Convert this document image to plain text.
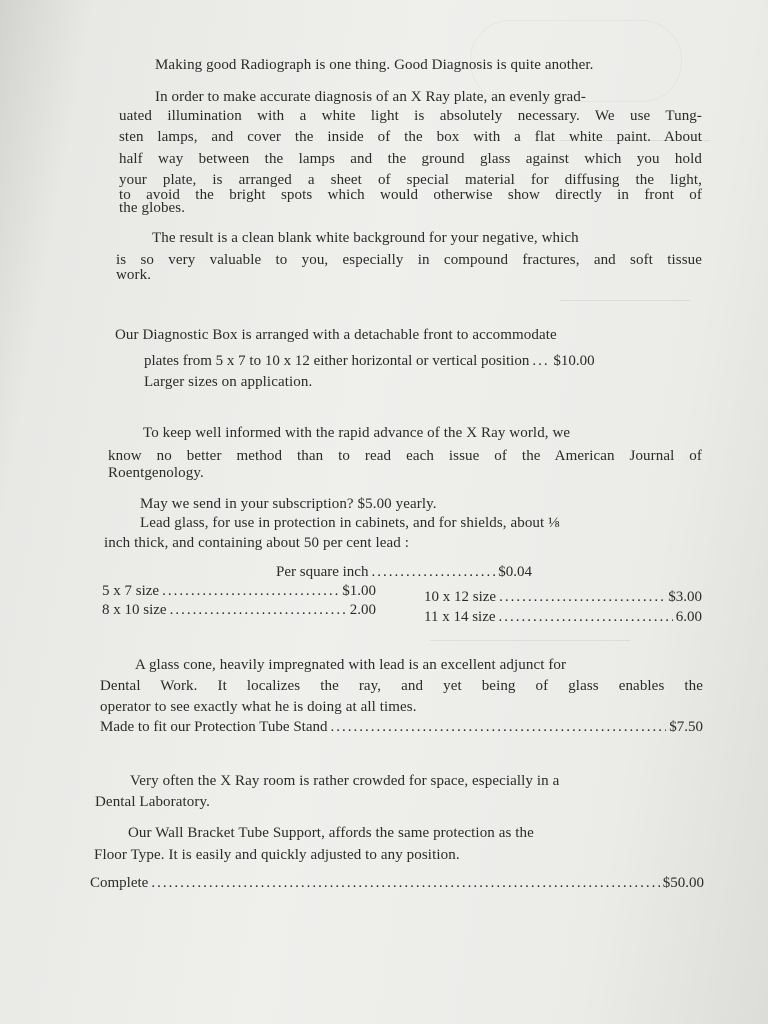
Making good Radiograph is one thing. Good Diagnosis is quite another.

In order to make accurate diagnosis of an X Ray plate, an evenly grad-

uated illumination with a white light is absolutely necessary. We use Tung-

sten lamps, and cover the inside of the box with a flat white paint. About

half way between the lamps and the ground glass against which you hold

your plate, is arranged a sheet of special material for diffusing the light,

to avoid the bright spots which would otherwise show directly in front of

the globes.

The result is a clean blank white background for your negative, which

is so very valuable to you, especially in compound fractures, and soft tissue

work.

Our Diagnostic Box is arranged with a detachable front to accommodate

plates from 5 x 7 to 10 x 12 either horizontal or vertical position ..... $10.00

Larger sizes on application.

To keep well informed with the rapid advance of the X Ray world, we

know no better method than to read each issue of the American Journal of

Roentgenology.

May we send in your subscription? $5.00 yearly.

Lead glass, for use in protection in cabinets, and for shields, about ⅛

inch thick, and containing about 50 per cent lead :

Per square inch .....	$0.04
5 x 7 size .....	$1.00	10 x 12 size .....	$3.00
8 x 10 size .....	2.00	11 x 14 size .....	6.00

A glass cone, heavily impregnated with lead is an excellent adjunct for

Dental Work. It localizes the ray, and yet being of glass enables the

operator to see exactly what he is doing at all times.

Made to fit our Protection Tube Stand .....	$7.50

Very often the X Ray room is rather crowded for space, especially in a

Dental Laboratory.

Our Wall Bracket Tube Support, affords the same protection as the

Floor Type. It is easily and quickly adjusted to any position.

Complete .....	$50.00
